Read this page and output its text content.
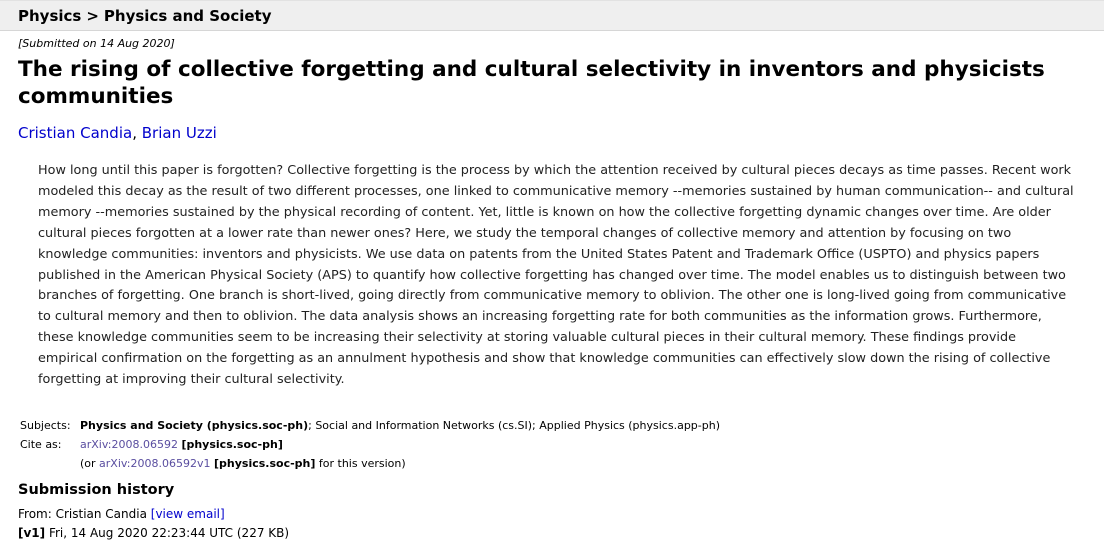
Physics > Physics and Society
[Submitted on 14 Aug 2020]
The rising of collective forgetting and cultural selectivity in inventors and physicists communities
Cristian Candia, Brian Uzzi

How long until this paper is forgotten? Collective forgetting is the process by which the attention received by cultural pieces decays as time passes. Recent work modeled this decay as the result of two different processes, one linked to communicative memory --memories sustained by human communication-- and cultural memory --memories sustained by the physical recording of content. Yet, little is known on how the collective forgetting dynamic changes over time. Are older cultural pieces forgotten at a lower rate than newer ones? Here, we study the temporal changes of collective memory and attention by focusing on two knowledge communities: inventors and physicists. We use data on patents from the United States Patent and Trademark Office (USPTO) and physics papers published in the American Physical Society (APS) to quantify how collective forgetting has changed over time. The model enables us to distinguish between two branches of forgetting. One branch is short-lived, going directly from communicative memory to oblivion. The other one is long-lived going from communicative to cultural memory and then to oblivion. The data analysis shows an increasing forgetting rate for both communities as the information grows. Furthermore, these knowledge communities seem to be increasing their selectivity at storing valuable cultural pieces in their cultural memory. These findings provide empirical confirmation on the forgetting as an annulment hypothesis and show that knowledge communities can effectively slow down the rising of collective forgetting at improving their cultural selectivity.

Subjects: Physics and Society (physics.soc-ph); Social and Information Networks (cs.SI); Applied Physics (physics.app-ph)
Cite as:	arXiv:2008.06592 [physics.soc-ph]
(or arXiv:2008.06592v1 [physics.soc-ph] for this version)
Submission history
From: Cristian Candia [view email]
[v1] Fri, 14 Aug 2020 22:23:44 UTC (227 KB)
